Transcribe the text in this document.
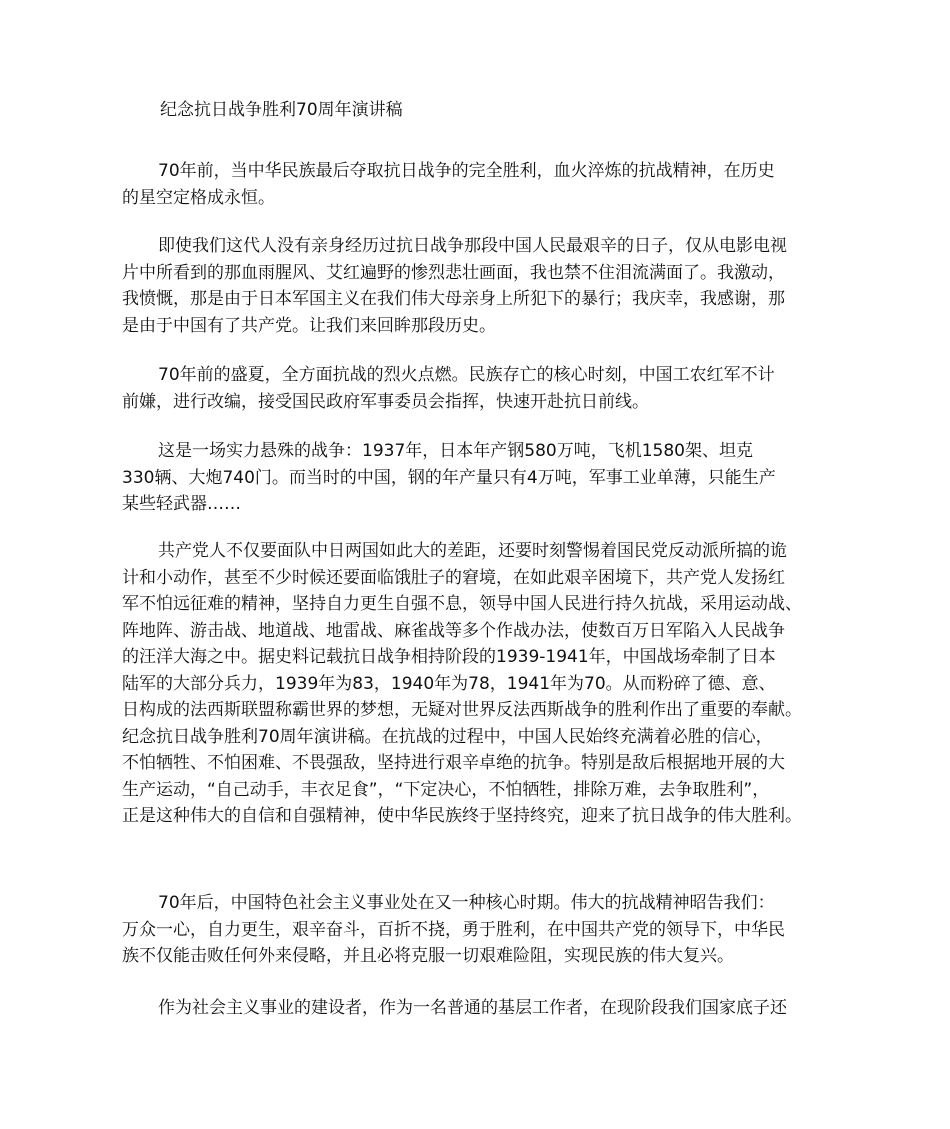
纪念抗日战争胜利70周年演讲稿
70年前，当中华民族最后夺取抗日战争的完全胜利，血火淬炼的抗战精神，在历史
的星空定格成永恒。
即使我们这代人没有亲身经历过抗日战争那段中国人民最艰辛的日子，仅从电影电视
片中所看到的那血雨腥风、艾红遍野的惨烈悲壮画面，我也禁不住泪流满面了。我激动，
我愤慨，那是由于日本军国主义在我们伟大母亲身上所犯下的暴行；我庆幸，我感谢，那
是由于中国有了共产党。让我们来回眸那段历史。
70年前的盛夏，全方面抗战的烈火点燃。民族存亡的核心时刻，中国工农红军不计
前嫌，进行改编，接受国民政府军事委员会指挥，快速开赴抗日前线。
这是一场实力悬殊的战争：1937年，日本年产钢580万吨，飞机1580架、坦克
330辆、大炮740门。而当时的中国，钢的年产量只有4万吨，军事工业单薄，只能生产
某些轻武器……
共产党人不仅要面队中日两国如此大的差距，还要时刻警惕着国民党反动派所搞的诡
计和小动作，甚至不少时候还要面临饿肚子的窘境，在如此艰辛困境下，共产党人发扬红
军不怕远征难的精神，坚持自力更生自强不息，领导中国人民进行持久抗战，采用运动战、
阵地阵、游击战、地道战、地雷战、麻雀战等多个作战办法，使数百万日军陷入人民战争
的汪洋大海之中。据史料记载抗日战争相持阶段的1939-1941年，中国战场牵制了日本
陆军的大部分兵力，1939年为83，1940年为78，1941年为70。从而粉碎了德、意、
日构成的法西斯联盟称霸世界的梦想，无疑对世界反法西斯战争的胜利作出了重要的奉献。
纪念抗日战争胜利70周年演讲稿。在抗战的过程中，中国人民始终充满着必胜的信心，
不怕牺牲、不怕困难、不畏强敌，坚持进行艰辛卓绝的抗争。特别是敌后根据地开展的大
生产运动，“自己动手，丰衣足食”，“下定决心，不怕牺牲，排除万难，去争取胜利”，
正是这种伟大的自信和自强精神，使中华民族终于坚持终究，迎来了抗日战争的伟大胜利。
70年后，中国特色社会主义事业处在又一种核心时期。伟大的抗战精神昭告我们：
万众一心，自力更生，艰辛奋斗，百折不挠，勇于胜利，在中国共产党的领导下，中华民
族不仅能击败任何外来侵略，并且必将克服一切艰难险阻，实现民族的伟大复兴。
作为社会主义事业的建设者，作为一名普通的基层工作者，在现阶段我们国家底子还
